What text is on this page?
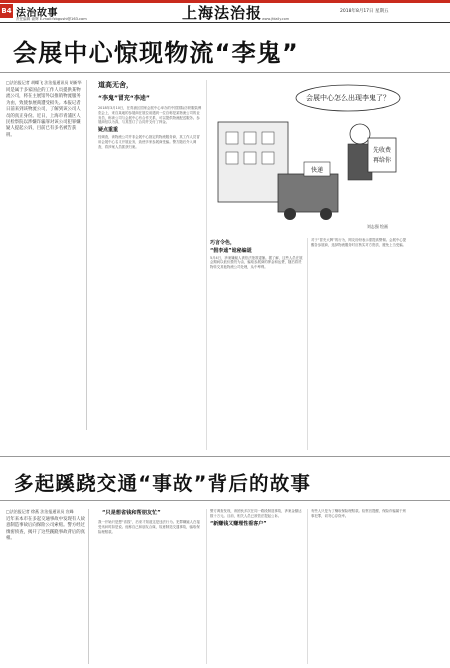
B4 法治故事
责任编辑 俞辉 E-mail:fzbgushi@163.com	上海法治报	2018年8月17日 星期五
www.jfdaily.com
会展中心惊现物流“李鬼”
□法治报记者 胡蝶飞 法治报通讯员 胡新华

同是属于多家国企的工作人员提供某物流公司，将在主展馆外以推销物流服务为由，致使参展商遭受损失。本报记者日前来到该物流公司，了解到该公司人员的真正身份。近日，上海市青浦区人民检察院以涉嫌诈骗罪对该公司犯罪嫌疑人提起公诉，目前已有多名被告获刑。

道高无舍，
“李鬼”冒充“李逵”

2018年3月10日，在青浦区国家会展中心举办的中国国际纺织服装博览会上，来自某地的参展商在展位前遇到一位自称是某物流公司的业务员，称该公司与会展中心有合作关系，可以提供物流配送服务。参展商信以为真，与其签订了合同并支付了押金。

疑点重重

经调查，该物流公司并非会展中心指定的物流服务商，其工作人员冒用会展中心名义开展业务，致使多家参展商受骗。警方随后介入调查，将涉案人员抓获归案。

会展中心怎么出现李鬼了？
先收费
再给你
快递
刘志强 绘画
巧言令色，
“假李逵”诡秘编谎

5月4日，涉案嫌疑人被依法批准逮捕。据了解，这些人员在展会期间以低价揽货为由，骗取参展商的押金和运费，随后将货物转交其他物流公司处理，从中牟利。

对于“冒充大牌”的行为，网友纷纷表示需提高警惕。会展中心提醒各参展商，选择物流服务时应核实对方资质，避免上当受骗。

多起蹊跷交通“事故”背后的故事
□法治报记者 徐燕 法治报通讯员 宣峰

近年来本市在多起交通事故中发现有人故意制造事故后向保险公司索赔。警方经过缜密侦查，揭开了这些蹊跷事故背后的真相。

“只是想省钱和帮朋友忙”

我一开始只是想“省钱”，后来才知道这是违法行为。犯罪嫌疑人在接受讯问时如是说。他称自己和朋友合谋，故意制造交通事故，骗取保险理赔款。

警方调查发现，该团伙多次在同一路段制造事故，涉案金额达数十万元。目前，相关人员已被依法提起公诉。

“新赚钱又赚理性看客户”

有些人只是为了赚取保险理赔款。检察官提醒，保险诈骗属于刑事犯罪，切勿心存侥幸。
